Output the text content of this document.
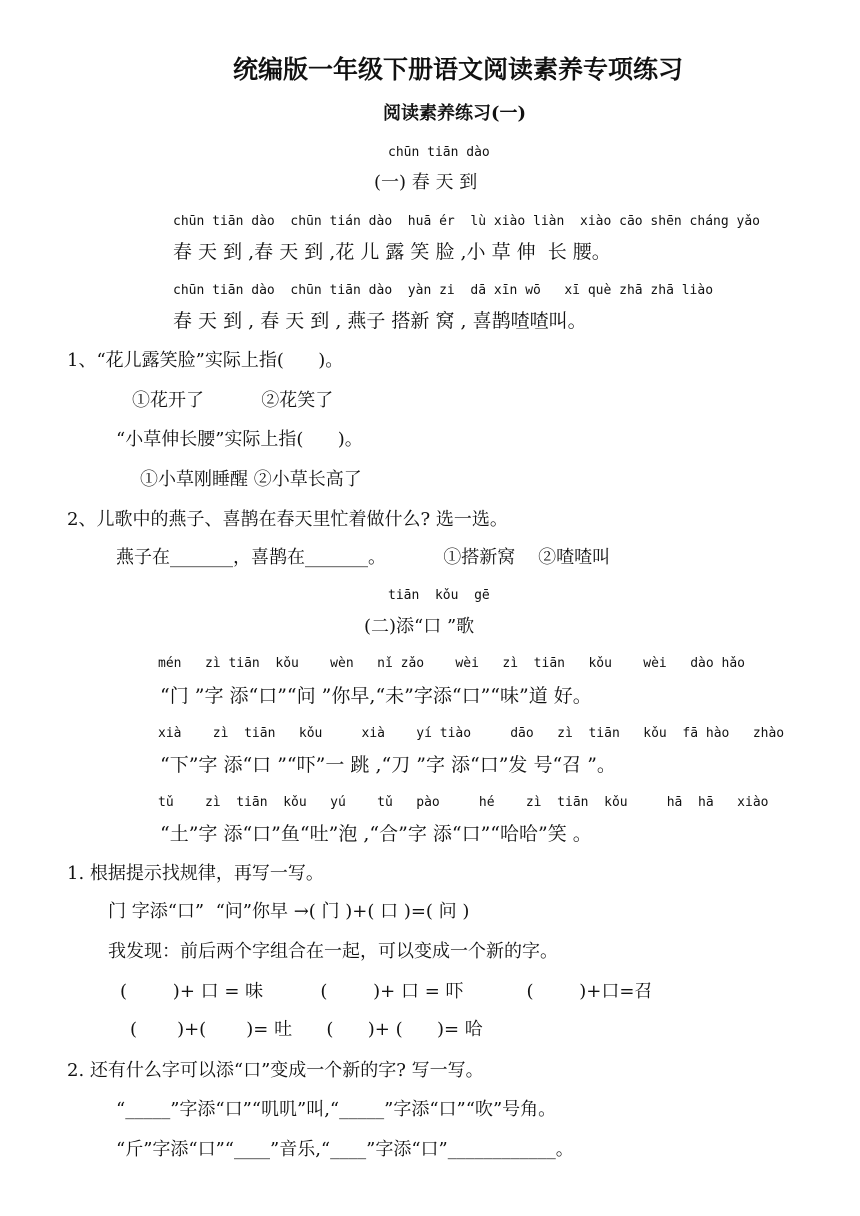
统编版一年级下册语文阅读素养专项练习
阅读素养练习(一)
chūn tiān dào
(一) 春 天 到
chūn tiān dào  chūn tián dào  huā ér  lù xiào liàn  xiào cāo shēn cháng yǎo
春 天 到 ,春 天 到 ,花 儿 露 笑 脸 ,小 草 伸  长 腰。
chūn tiān dào  chūn tiān dào  yàn zi  dā xīn wō   xī què zhā zhā liào
春 天 到 , 春 天 到 , 燕子 搭新 窝 , 喜鹊喳喳叫。
1、“花儿露笑脸”实际上指(      )。
①花开了          ②花笑了
“小草伸长腰”实际上指(      )。
①小草刚睡醒 ②小草长高了
2、儿歌中的燕子、喜鹊在春天里忙着做什么? 选一选。
燕子在_______，喜鹊在_______。          ①搭新窝    ②喳喳叫
tiān  kǒu  gē
(二)添“口 ”歌
mén   zì tiān  kǒu    wèn   nǐ zǎo    wèi   zì  tiān   kǒu    wèi   dào hǎo
“门 ”字 添“口”“问 ”你早,“未”字添“口”“味”道 好。
xià    zì  tiān   kǒu     xià    yí tiào     dāo   zì  tiān   kǒu  fā hào   zhào
“下”字 添“口 ”“吓”一 跳 ,“刀 ”字 添“口”发 号“召 ”。
tǔ    zì  tiān  kǒu   yú    tǔ   pào     hé    zì  tiān  kǒu     hā  hā   xiào
“土”字 添“口”鱼“吐”泡 ,“合”字 添“口”“哈哈”笑 。
1. 根据提示找规律，再写一写。
门 字添“口”  “问”你早 →( 门 )+( 口 )=( 问 )
我发现：前后两个字组合在一起，可以变成一个新的字。
(        )+ 口 = 味          (        )+ 口 = 吓           (        )+口=召
(       )+(       )= 吐      (      )+ (      )= 哈
2. 还有什么字可以添“口”变成一个新的字? 写一写。
“_____”字添“口”“叽叽”叫,“_____”字添“口”“吹”号角。
“斤”字添“口”“____”音乐,“____”字添“口”____________。
